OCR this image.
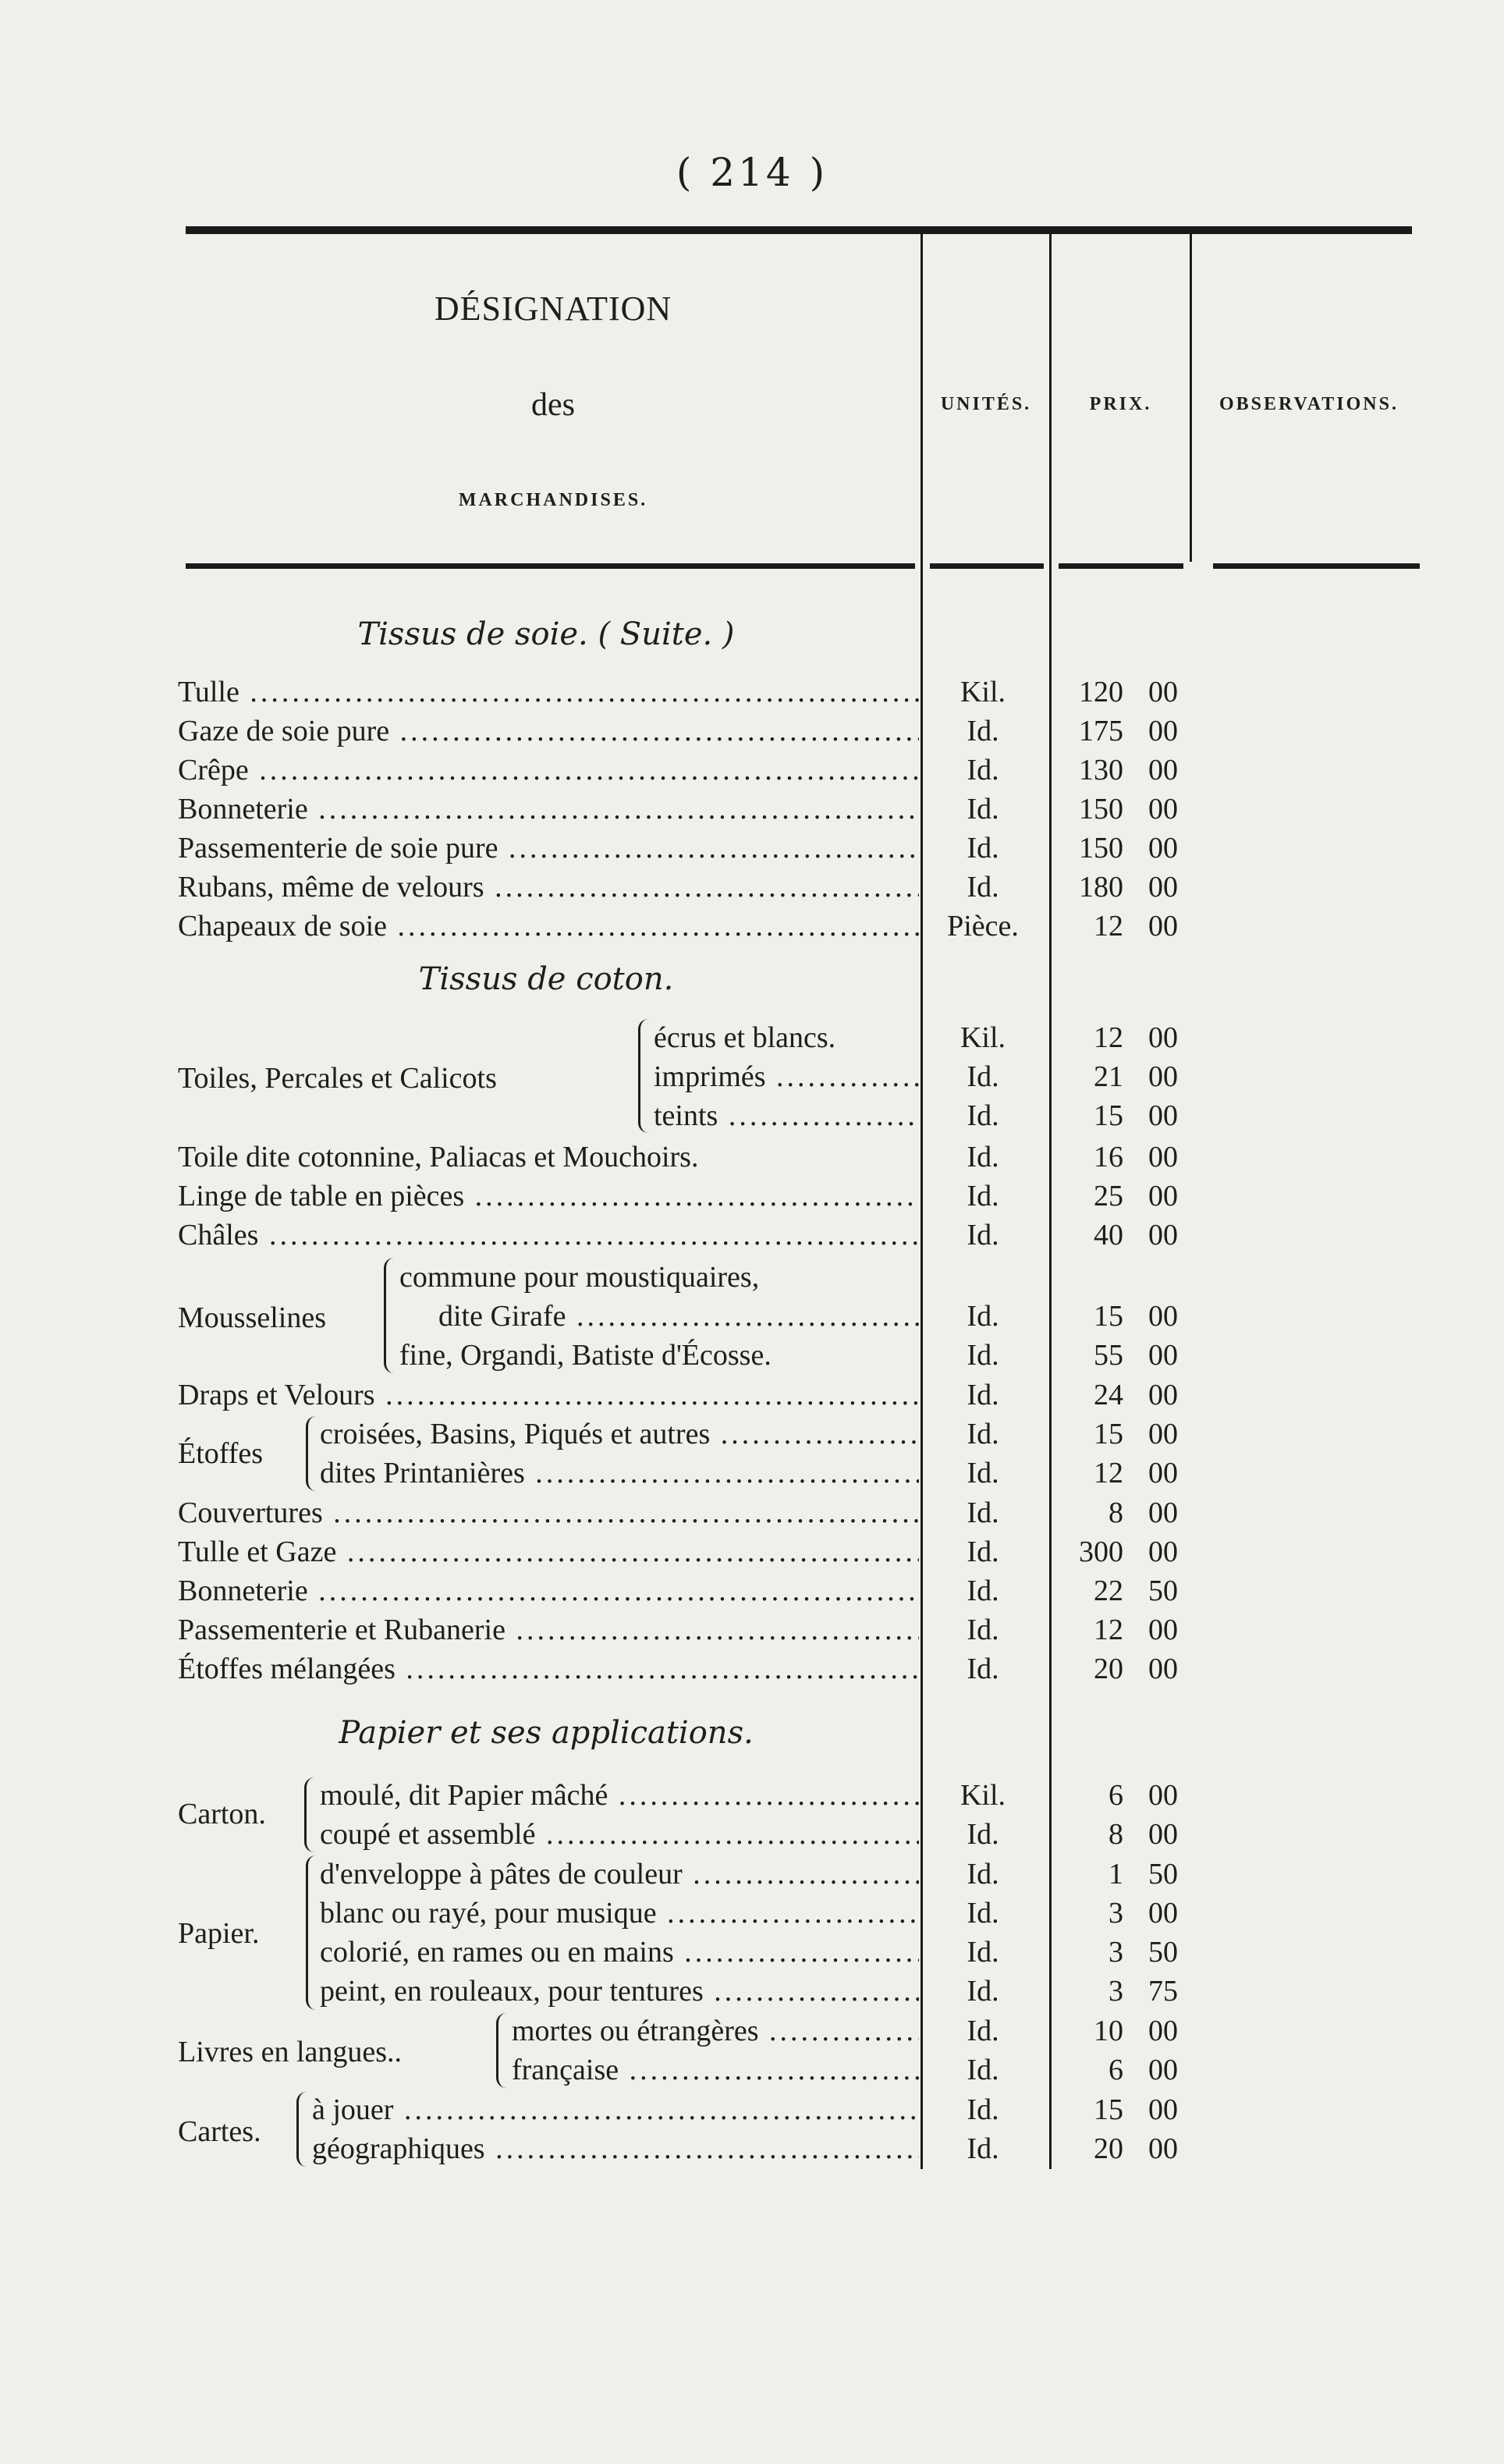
( 214 )
DÉSIGNATION
des
MARCHANDISES.
UNITÉS.	PRIX.	OBSERVATIONS.
Tissus de soie. ( Suite. )
Tulle .....	Kil.	120 00
Gaze de soie pure .....	Id.	175 00
Crêpe .....	Id.	130 00
Bonneterie .....	Id.	150 00
Passementerie de soie pure .....	Id.	150 00
Rubans, même de velours .....	Id.	180 00
Chapeaux de soie .....	Pièce.	12 00
Tissus de coton.
Toiles, Percales et Calicots
écrus et blancs.	Kil.	12 00
imprimés .....	Id.	21 00
teints .....	Id.	15 00
Toile dite cotonnine, Paliacas et Mouchoirs.	Id.	16 00
Linge de table en pièces .....	Id.	25 00
Châles .....	Id.	40 00
Mousselines
commune pour moustiquaires,
dite Girafe .....	Id.	15 00
fine, Organdi, Batiste d'Écosse.	Id.	55 00
Draps et Velours .....	Id.	24 00
Étoffes
croisées, Basins, Piqués et autres .....	Id.	15 00
dites Printanières .....	Id.	12 00
Couvertures .....	Id.	8 00
Tulle et Gaze .....	Id.	300 00
Bonneterie .....	Id.	22 50
Passementerie et Rubanerie .....	Id.	12 00
Étoffes mélangées .....	Id.	20 00
Papier et ses applications.
Carton.
moulé, dit Papier mâché .....	Kil.	6 00
coupé et assemblé .....	Id.	8 00
Papier.
d'enveloppe à pâtes de couleur .....	Id.	1 50
blanc ou rayé, pour musique .....	Id.	3 00
colorié, en rames ou en mains .....	Id.	3 50
peint, en rouleaux, pour tentures .....	Id.	3 75
Livres en langues..
mortes ou étrangères .....	Id.	10 00
française .....	Id.	6 00
Cartes.
à jouer .....	Id.	15 00
géographiques .....	Id.	20 00
